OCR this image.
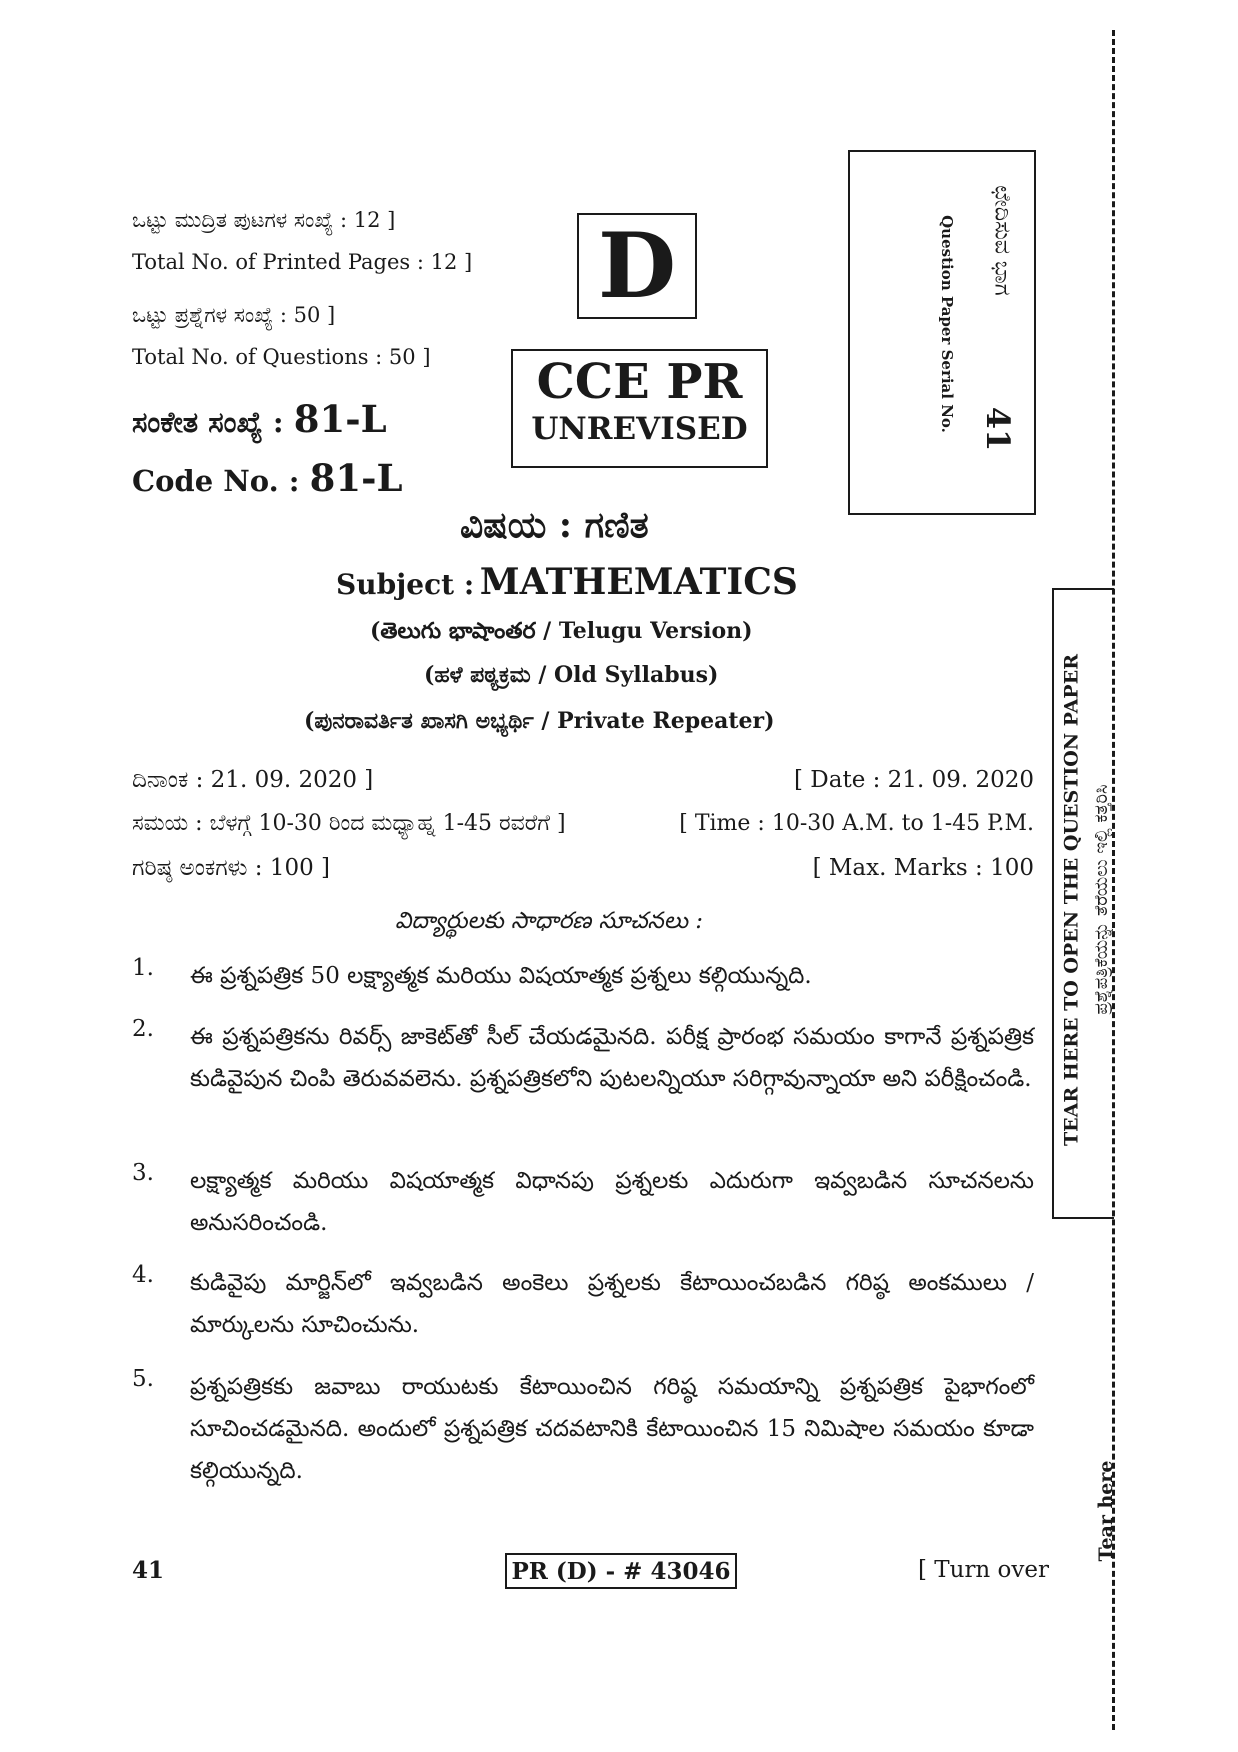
ಒಟ್ಟು ಮುದ್ರಿತ ಪುಟಗಳ ಸಂಖ್ಯೆ : 12 ]
Total No. of Printed Pages : 12 ]
ಒಟ್ಟು ಪ್ರಶ್ನೆಗಳ ಸಂಖ್ಯೆ : 50 ]
Total No. of Questions : 50 ]
ಸಂಕೇತ ಸಂಖ್ಯೆ : 81-L
Code No. : 81-L
D
CCE PR
UNREVISED	Question Paper Serial No. 41
ಛೇದಿಸುವ ಭಾಗ
ವಿಷಯ : ಗಣಿತ
Subject : MATHEMATICS
(తెలుగు భాషాంతర / Telugu Version)
(ಹಳೆ ಪಠ್ಯಕ್ರಮ / Old Syllabus)
(ಪುನರಾವರ್ತಿತ ಖಾಸಗಿ ಅಭ್ಯರ್ಥಿ / Private Repeater)
ದಿನಾಂಕ : 21. 09. 2020 ]	[ Date : 21. 09. 2020
ಸಮಯ : ಬೆಳಗ್ಗೆ 10-30 ರಿಂದ ಮಧ್ಯಾಹ್ನ 1-45 ರವರೆಗೆ ]	[ Time : 10-30 A.M. to 1-45 P.M.
ಗರಿಷ್ಠ ಅಂಕಗಳು : 100 ]	[ Max. Marks : 100
విద్యార్థులకు సాధారణ సూచనలు :
1. ఈ ప్రశ్నపత్రిక 50 లక్ష్యాత్మక మరియు విషయాత్మక ప్రశ్నలు కల్గియున్నది.
2. ఈ ప్రశ్నపత్రికను రివర్స్ జాకెట్‌తో సీల్ చేయడమైనది. పరీక్ష ప్రారంభ సమయం కాగానే ప్రశ్నపత్రిక కుడివైపున చింపి తెరువవలెను. ప్రశ్నపత్రికలోని పుటలన్నియూ సరిగ్గావున్నాయా అని పరీక్షించండి.
3. లక్ష్యాత్మక మరియు విషయాత్మక విధానపు ప్రశ్నలకు ఎదురుగా ఇవ్వబడిన సూచనలను అనుసరించండి.
4. కుడివైపు మార్జిన్‌లో ఇవ్వబడిన అంకెలు ప్రశ్నలకు కేటాయించబడిన గరిష్ఠ అంకములు / మార్కులను సూచించును.
5. ప్రశ్నపత్రికకు జవాబు రాయుటకు కేటాయించిన గరిష్ఠ సమయాన్ని ప్రశ్నపత్రిక పైభాగంలో సూచించడమైనది. అందులో ప్రశ్నపత్రిక చదవటానికి కేటాయించిన 15 నిమిషాల సమయం కూడా కల్గియున్నది.
TEAR HERE TO OPEN THE QUESTION PAPER ಪ್ರಶ್ನೆಪತ್ರಿಕೆಯನ್ನು ತೆರೆಯಲು ಇಲ್ಲಿ ಕತ್ತರಿಸಿ
Tear here
41	PR (D) - # 43046	[ Turn over
